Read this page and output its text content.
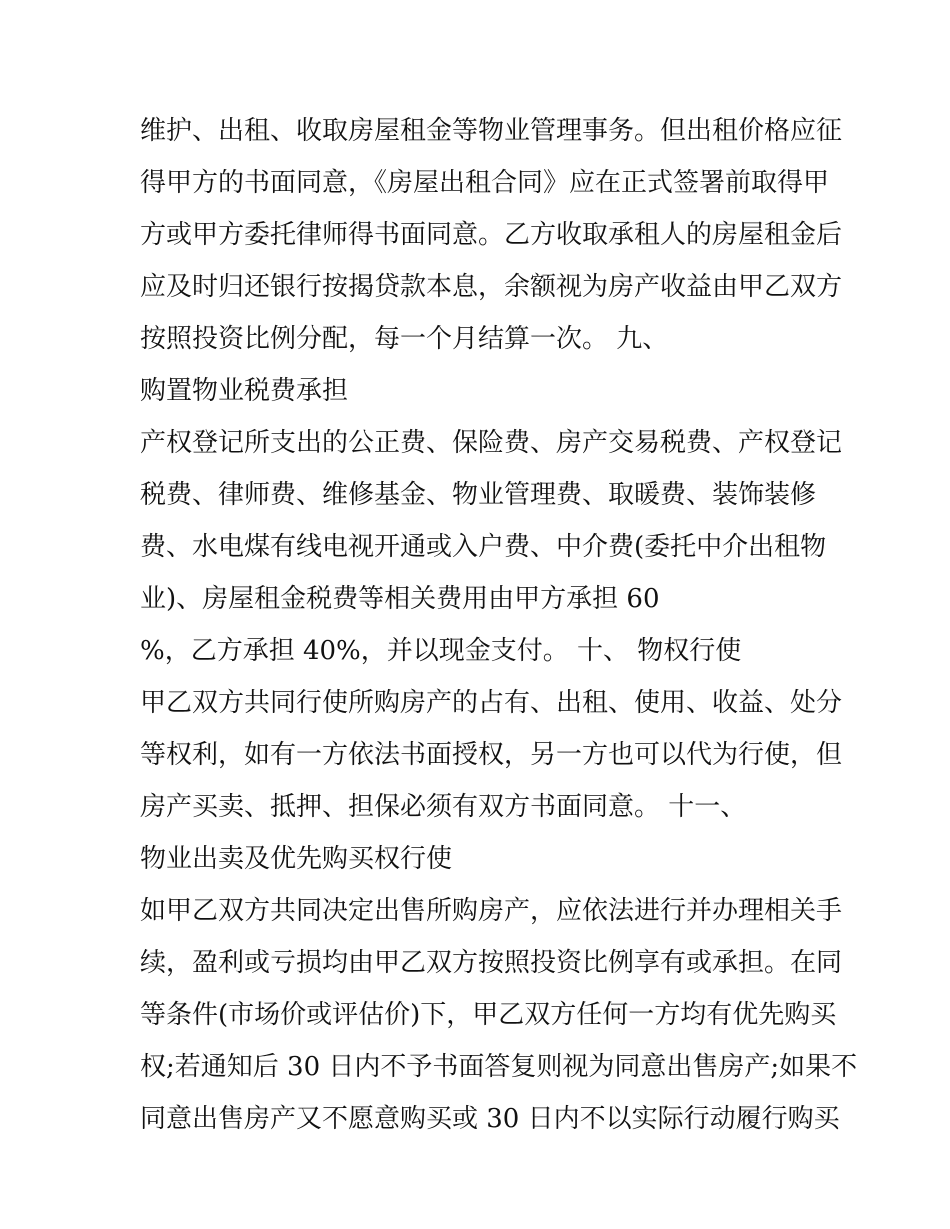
维护、出租、收取房屋租金等物业管理事务。但出租价格应征
得甲方的书面同意，《房屋出租合同》应在正式签署前取得甲
方或甲方委托律师得书面同意。乙方收取承租人的房屋租金后
应及时归还银行按揭贷款本息，余额视为房产收益由甲乙双方
按照投资比例分配，每一个月结算一次。 九、
购置物业税费承担
产权登记所支出的公正费、保险费、房产交易税费、产权登记
税费、律师费、维修基金、物业管理费、取暖费、装饰装修
费、水电煤有线电视开通或入户费、中介费(委托中介出租物
业)、房屋租金税费等相关费用由甲方承担 60
%，乙方承担 40%，并以现金支付。 十、 物权行使
甲乙双方共同行使所购房产的占有、出租、使用、收益、处分
等权利，如有一方依法书面授权，另一方也可以代为行使，但
房产买卖、抵押、担保必须有双方书面同意。 十一、
物业出卖及优先购买权行使
如甲乙双方共同决定出售所购房产，应依法进行并办理相关手
续，盈利或亏损均由甲乙双方按照投资比例享有或承担。在同
等条件(市场价或评估价)下，甲乙双方任何一方均有优先购买
权;若通知后 30 日内不予书面答复则视为同意出售房产;如果不
同意出售房产又不愿意购买或 30 日内不以实际行动履行购买
